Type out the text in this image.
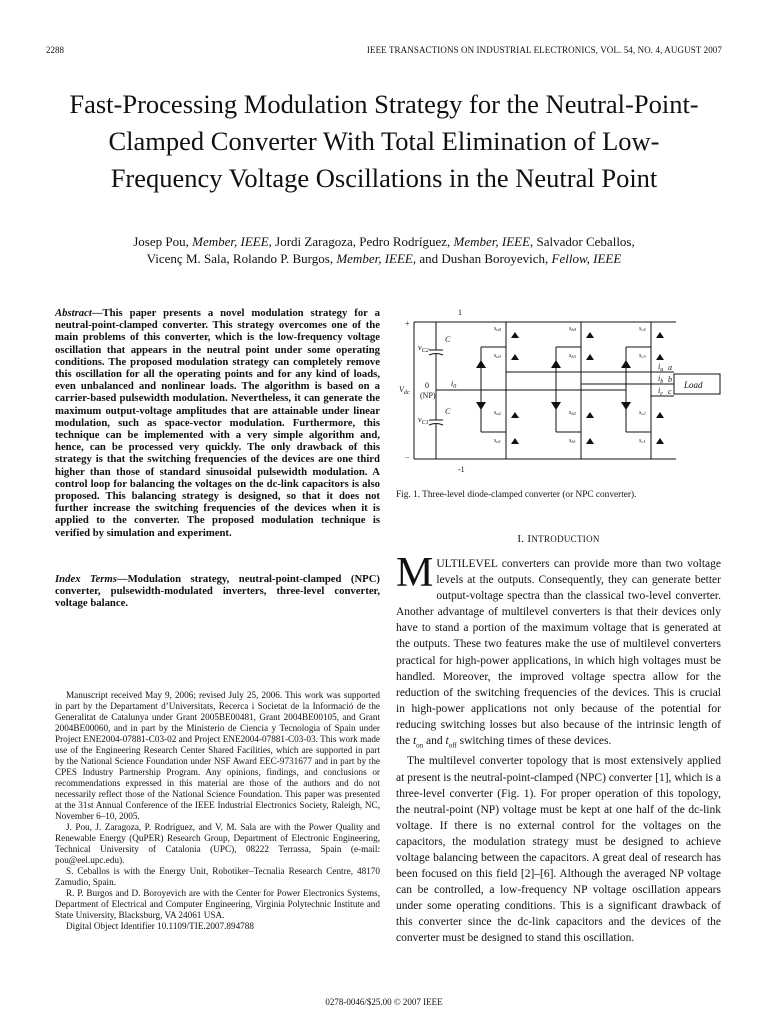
2288	IEEE TRANSACTIONS ON INDUSTRIAL ELECTRONICS, VOL. 54, NO. 4, AUGUST 2007
Fast-Processing Modulation Strategy for the Neutral-Point-Clamped Converter With Total Elimination of Low-Frequency Voltage Oscillations in the Neutral Point
Josep Pou, Member, IEEE, Jordi Zaragoza, Pedro Rodríguez, Member, IEEE, Salvador Ceballos,
Vicenç M. Sala, Rolando P. Burgos, Member, IEEE, and Dushan Boroyevich, Fellow, IEEE
Abstract—This paper presents a novel modulation strategy for a neutral-point-clamped converter. This strategy overcomes one of the main problems of this converter, which is the low-frequency voltage oscillation that appears in the neutral point under some operating conditions. The proposed modulation strategy can completely remove this oscillation for all the operating points and for any kind of loads, even unbalanced and nonlinear loads. The algorithm is based on a carrier-based pulsewidth modulation. Nevertheless, it can generate the maximum output-voltage amplitudes that are attainable under linear modulation, such as space-vector modulation. Furthermore, this technique can be implemented with a very simple algorithm and, hence, can be processed very quickly. The only drawback of this strategy is that the switching frequencies of the devices are one third higher than those of standard sinusoidal pulsewidth modulation. A control loop for balancing the voltages on the dc-link capacitors is also proposed. This balancing strategy is designed, so that it does not further increase the switching frequencies of the devices when it is applied to the converter. The proposed modulation technique is verified by simulation and experiment.
Index Terms—Modulation strategy, neutral-point-clamped (NPC) converter, pulsewidth-modulated inverters, three-level converter, voltage balance.

Manuscript received May 9, 2006; revised July 25, 2006. This work was supported in part by the Departament d’Universitats, Recerca i Societat de la Informació de the Generalitat de Catalunya under Grant 2005BE00481, Grant 2004BE00105, and Grant 2004BE00060, and in part by the Ministerio de Ciencia y Tecnologia of Spain under Project ENE2004-07881-C03-02 and Project ENE2004-07881-C03-03. This work made use of the Engineering Research Center Shared Facilities, which are supported in part by the National Science Foundation under NSF Award EEC-9731677 and in part by the CPES Industry Partnership Program. Any opinions, findings, and conclusions or recommendations expressed in this material are those of the authors and do not necessarily reflect those of the National Science Foundation. This paper was presented at the 31st Annual Conference of the IEEE Industrial Electronics Society, Raleigh, NC, November 6–10, 2005.

J. Pou, J. Zaragoza, P. Rodríguez, and V. M. Sala are with the Power Quality and Renewable Energy (QuPER) Research Group, Department of Electronic Engineering, Technical University of Catalonia (UPC), 08222 Terrassa, Spain (e-mail: pou@eel.upc.edu).

S. Ceballos is with the Energy Unit, Robotiker–Tecnalia Research Centre, 48170 Zamudio, Spain.

R. P. Burgos and D. Boroyevich are with the Center for Power Electronics Systems, Department of Electrical and Computer Engineering, Virginia Polytechnic Institute and State University, Blacksburg, VA 24061 USA.

Digital Object Identifier 10.1109/TIE.2007.894788

1
-1
+
−
$V_{dc}$
$v_{C2}$
$v_{C1}$
C
C
0
(NP)
$i_0$
$i_a$
$i_b$
$i_c$
a
b
c
Load
sa4
sa3
sa2
sa1
sb4
sb3
sb2
sb1
sc4
sc3
sc2
sc1
Fig. 1. Three-level diode-clamped converter (or NPC converter).
I. INTRODUCTION

MULTILEVEL converters can provide more than two voltage levels at the outputs. Consequently, they can generate better output-voltage spectra than the classical two-level converter. Another advantage of multilevel converters is that their devices only have to stand a portion of the maximum voltage that is generated at the outputs. These two features make the use of multilevel converters practical for high-power applications, in which high voltages must be handled. Moreover, the improved voltage spectra allow for the reduction of the switching frequencies of the devices. This is crucial in high-power applications not only because of the potential for reducing switching losses but also because of the intrinsic length of the $t_{on}$ and $t_{off}$ switching times of these devices.

The multilevel converter topology that is most extensively applied at present is the neutral-point-clamped (NPC) converter [1], which is a three-level converter (Fig. 1). For proper operation of this topology, the neutral-point (NP) voltage must be kept at one half of the dc-link voltage. If there is no external control for the voltages on the capacitors, the modulation strategy must be designed to achieve voltage balancing between the capacitors. A great deal of research has been focused on this field [2]–[6]. Although the averaged NP voltage can be controlled, a low-frequency NP voltage oscillation appears under some operating conditions. This is a significant drawback of this converter since the dc-link capacitors and the devices of the converter must be designed to stand this oscillation.

0278-0046/$25.00 © 2007 IEEE
